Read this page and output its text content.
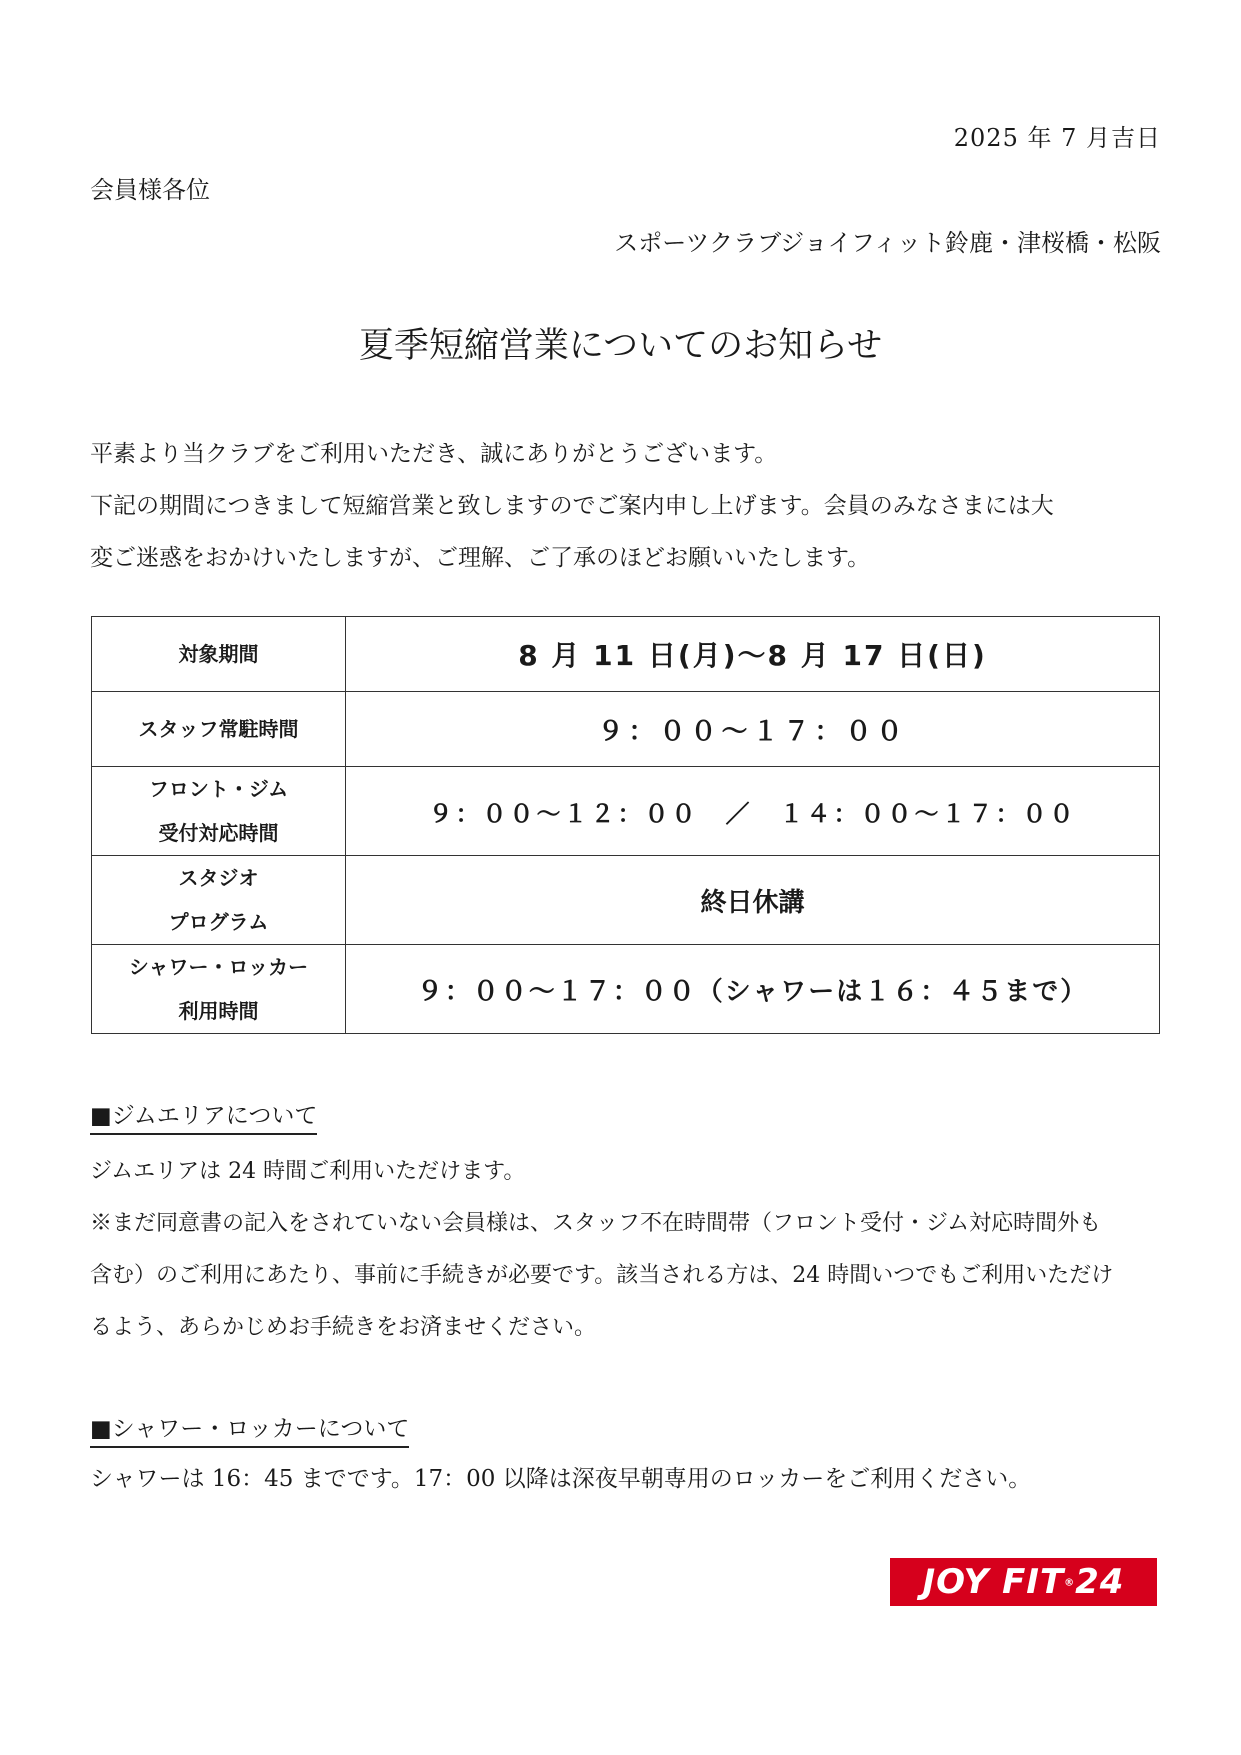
2025 年 7 月吉日
会員様各位
スポーツクラブジョイフィット鈴鹿・津桜橋・松阪
夏季短縮営業についてのお知らせ

平素より当クラブをご利用いただき、誠にありがとうございます。

下記の期間につきまして短縮営業と致しますのでご案内申し上げます。会員のみなさまには大

変ご迷惑をおかけいたしますが、ご理解、ご了承のほどお願いいたします。

対象期間	8 月 11 日(月)～8 月 17 日(日)

スタッフ常駐時間	９：００～１７：００

フロント・ジム
受付対応時間	９：００～１２：００　／　１４：００～１７：００

スタジオ
プログラム	終日休講

シャワー・ロッカー
利用時間	９：００～１７：００（シャワーは１６：４５まで）
■ジムエリアについて

ジムエリアは 24 時間ご利用いただけます。

※まだ同意書の記入をされていない会員様は、スタッフ不在時間帯（フロント受付・ジム対応時間外も

含む）のご利用にあたり、事前に手続きが必要です。該当される方は、24 時間いつでもご利用いただけ

るよう、あらかじめお手続きをお済ませください。

■シャワー・ロッカーについて
シャワーは 16：45 までです。17：00 以降は深夜早朝専用のロッカーをご利用ください。
JOY FIT®24
